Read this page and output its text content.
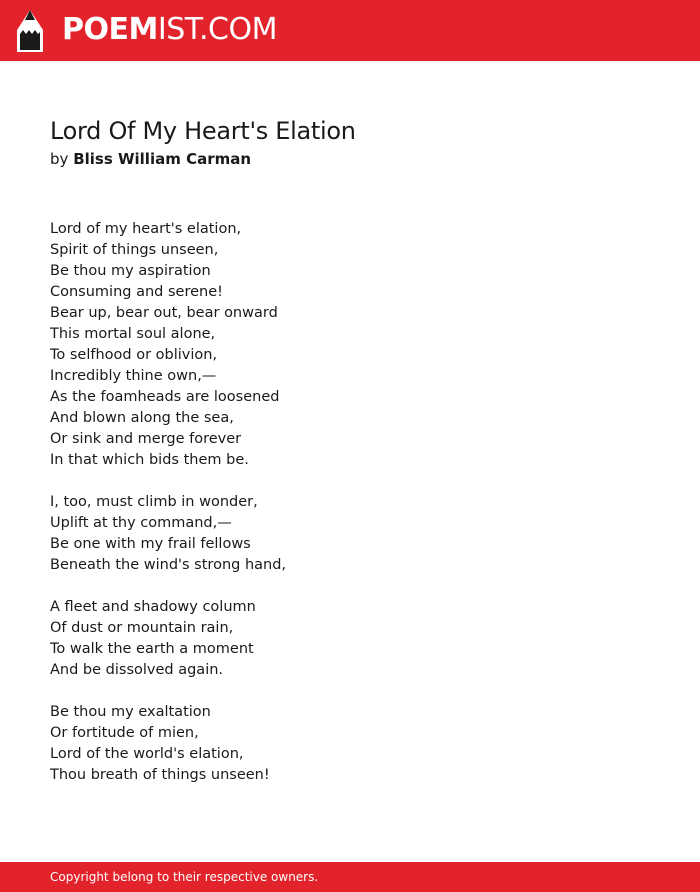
POEMIST.COM
Lord Of My Heart's Elation
by Bliss William Carman
Lord of my heart's elation,
Spirit of things unseen,
Be thou my aspiration
Consuming and serene!
Bear up, bear out, bear onward
This mortal soul alone,
To selfhood or oblivion,
Incredibly thine own,—
As the foamheads are loosened
And blown along the sea,
Or sink and merge forever
In that which bids them be.
I, too, must climb in wonder,
Uplift at thy command,—
Be one with my frail fellows
Beneath the wind's strong hand,
A fleet and shadowy column
Of dust or mountain rain,
To walk the earth a moment
And be dissolved again.
Be thou my exaltation
Or fortitude of mien,
Lord of the world's elation,
Thou breath of things unseen!
Copyright belong to their respective owners.
